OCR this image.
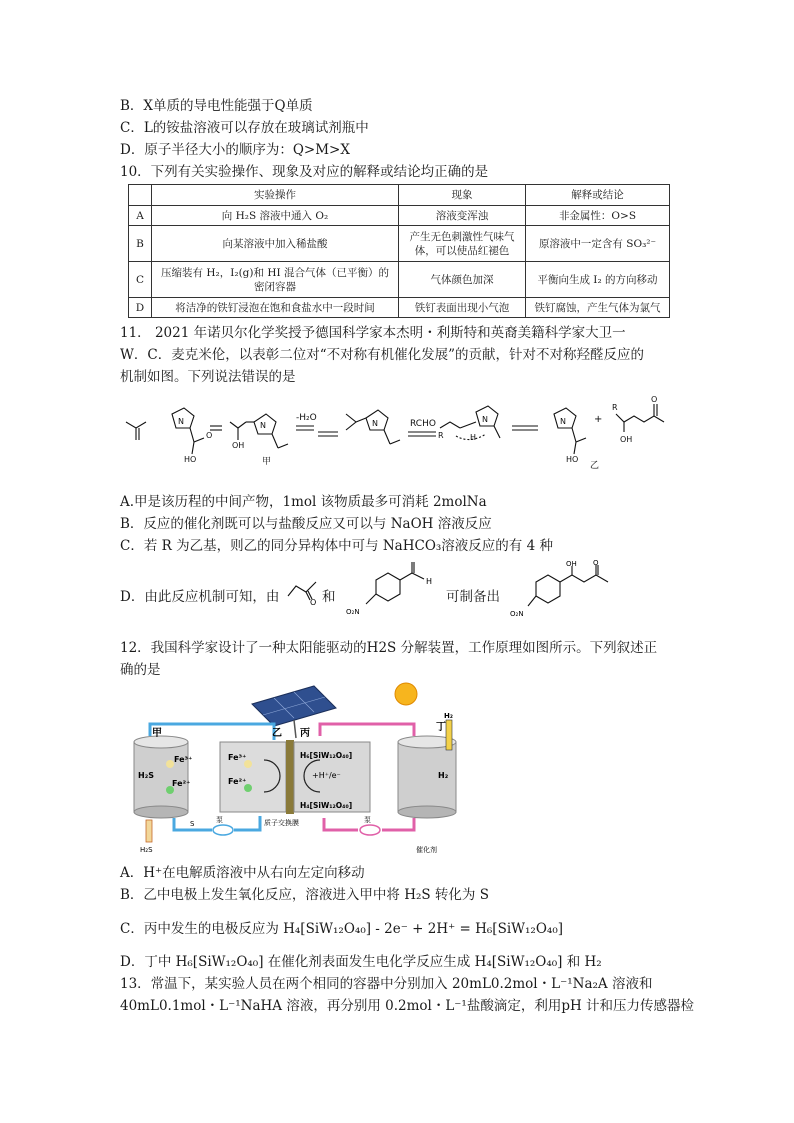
B．X单质的导电性能强于Q单质
C．L的铵盐溶液可以存放在玻璃试剂瓶中
D．原子半径大小的顺序为：Q>M>X
10．下列有关实验操作、现象及对应的解释或结论均正确的是
	实验操作	现象	解释或结论
A	向 H₂S 溶液中通入 O₂	溶液变浑浊	非金属性：O>S
B	向某溶液中加入稀盐酸	产生无色刺激性气味气体，可以使品红褪色	原溶液中一定含有 SO₃²⁻
C	压缩装有 H₂，I₂(g)和 HI 混合气体（已平衡）的密闭容器	气体颜色加深	平衡向生成 I₂ 的方向移动
D	将洁净的铁钉浸泡在饱和食盐水中一段时间	铁钉表面出现小气泡	铁钉腐蚀，产生气体为氯气
11． 2021 年诺贝尔化学奖授予德国科学家本杰明・利斯特和英裔美籍科学家大卫一
W．C．麦克米伦，以表彰二位对“不对称有机催化发展”的贡献，针对不对称羟醛反应的
机制如图。下列说法错误的是
N
HO
O
N
OH
-H₂O
甲
N	RCHO
R
N
H
N
HO
+
R
OH
O
乙
A.甲是该历程的中间产物，1mol 该物质最多可消耗 2molNa
B．反应的催化剂既可以与盐酸反应又可以与 NaOH 溶液反应
C．若 R 为乙基，则乙的同分异构体中可与 NaHCO₃溶液反应的有 4 种
D．由此反应机制可知，由	O 和
H
O₂N
可制备出
OH O
O₂N
12．我国科学家设计了一种太阳能驱动的H2S 分解装置，工作原理如图所示。下列叙述正
确的是
甲	乙 丙
丁
Fe³⁺
Fe²⁺
H₂S
Fe³⁺
Fe²⁺
H₆[SiW₁₂O₄₀]
+H⁺/e⁻
H₄[SiW₁₂O₄₀]
H₂
H₂
S	泵	泵
质子交换膜
H₂S	催化剂
A．H⁺在电解质溶液中从右向左定向移动
B．乙中电极上发生氧化反应，溶液进入甲中将 H₂S 转化为 S
C．丙中发生的电极反应为 H₄[SiW₁₂O₄₀] - 2e⁻ + 2H⁺ = H₆[SiW₁₂O₄₀]
D．丁中 H₆[SiW₁₂O₄₀] 在催化剂表面发生电化学反应生成 H₄[SiW₁₂O₄₀] 和 H₂
13．常温下，某实验人员在两个相同的容器中分别加入 20mL0.2mol・L⁻¹Na₂A 溶液和
40mL0.1mol・L⁻¹NaHA 溶液，再分别用 0.2mol・L⁻¹盐酸滴定，利用pH 计和压力传感器检
